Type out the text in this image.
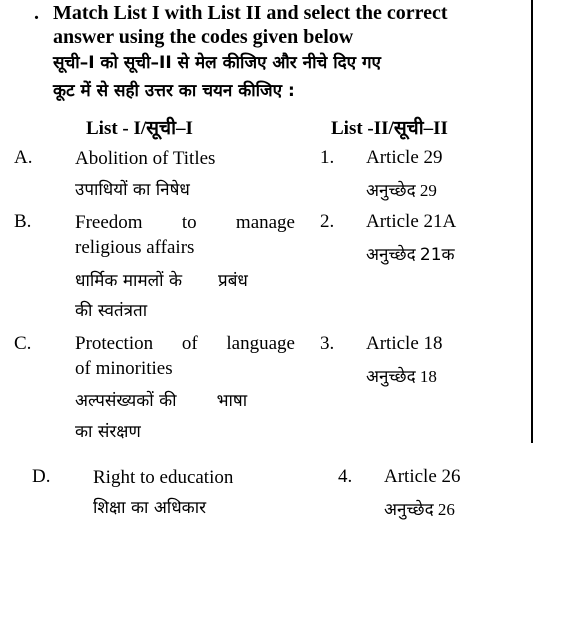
. Match List I with List II and select the correct
answer using the codes given below
सूची–I को सूची–II से मेल कीजिए और नीचे दिए गए
कूट में से सही उत्तर का चयन कीजिए :
List - I/सूची–I	List -II/सूची–II
A. Abolition of Titles
उपाधियों का निषेध
1. Article 29
अनुच्छेद 29
B. Freedom to manage
religious affairs
धार्मिक मामलों के प्रबंध
की स्वतंत्रता
2. Article 21A
अनुच्छेद 21क
C. Protection of language
of minorities
अल्पसंख्यकों की भाषा
का संरक्षण
3. Article 18
अनुच्छेद 18
D. Right to education
शिक्षा का अधिकार
4. Article 26
अनुच्छेद 26
